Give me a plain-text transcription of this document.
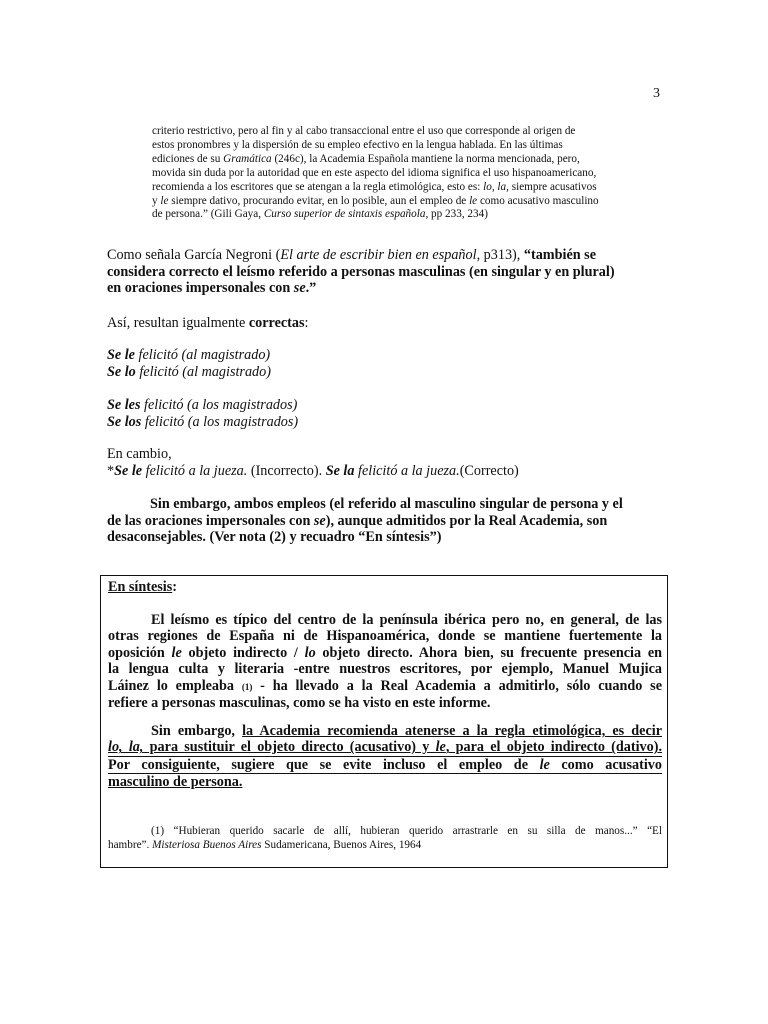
3
criterio restrictivo, pero al fin y al cabo transaccional entre el uso que corresponde al origen de
estos pronombres y la dispersión de su empleo efectivo en la lengua hablada. En las últimas
ediciones de su Gramática (246c), la Academia Española mantiene la norma mencionada, pero,
movida sin duda por la autoridad que en este aspecto del idioma significa el uso hispanoamericano,
recomienda a los escritores que se atengan a la regla etimológica, esto es: lo, la, siempre acusativos
y le siempre dativo, procurando evitar, en lo posible, aun el empleo de le como acusativo masculino
de persona.” (Gili Gaya, Curso superior de sintaxis española, pp 233, 234)
Como señala García Negroni (El arte de escribir bien en español, p313), “también se
considera correcto el leísmo referido a personas masculinas (en singular y en plural)
en oraciones impersonales con se.”
Así, resultan igualmente correctas:
Se le felicitó (al magistrado)
Se lo felicitó (al magistrado)
Se les felicitó (a los magistrados)
Se los felicitó (a los magistrados)
En cambio,
*Se le felicitó a la jueza. (Incorrecto). Se la felicitó a la jueza.(Correcto)
Sin embargo, ambos empleos (el referido al masculino singular de persona y el
de las oraciones impersonales con se), aunque admitidos por la Real Academia, son
desaconsejables. (Ver nota (2) y recuadro “En síntesis”)
En síntesis:
El leísmo es típico del centro de la península ibérica pero no, en general, de las
otras regiones de España ni de Hispanoamérica, donde se mantiene fuertemente la
oposición le objeto indirecto / lo objeto directo. Ahora bien, su frecuente presencia en
la lengua culta y literaria -entre nuestros escritores, por ejemplo, Manuel Mujica
Láinez lo empleaba (1) - ha llevado a la Real Academia a admitirlo, sólo cuando se
refiere a personas masculinas, como se ha visto en este informe.
Sin embargo, la Academia recomienda atenerse a la regla etimológica, es decir
lo, la, para sustituir el objeto directo (acusativo) y le, para el objeto indirecto (dativo).
Por consiguiente, sugiere que se evite incluso el empleo de le como acusativo
masculino de persona.
(1) “Hubieran querido sacarle de allí, hubieran querido arrastrarle en su silla de manos...” “El
hambre”. Misteriosa Buenos Aires Sudamericana, Buenos Aires, 1964
